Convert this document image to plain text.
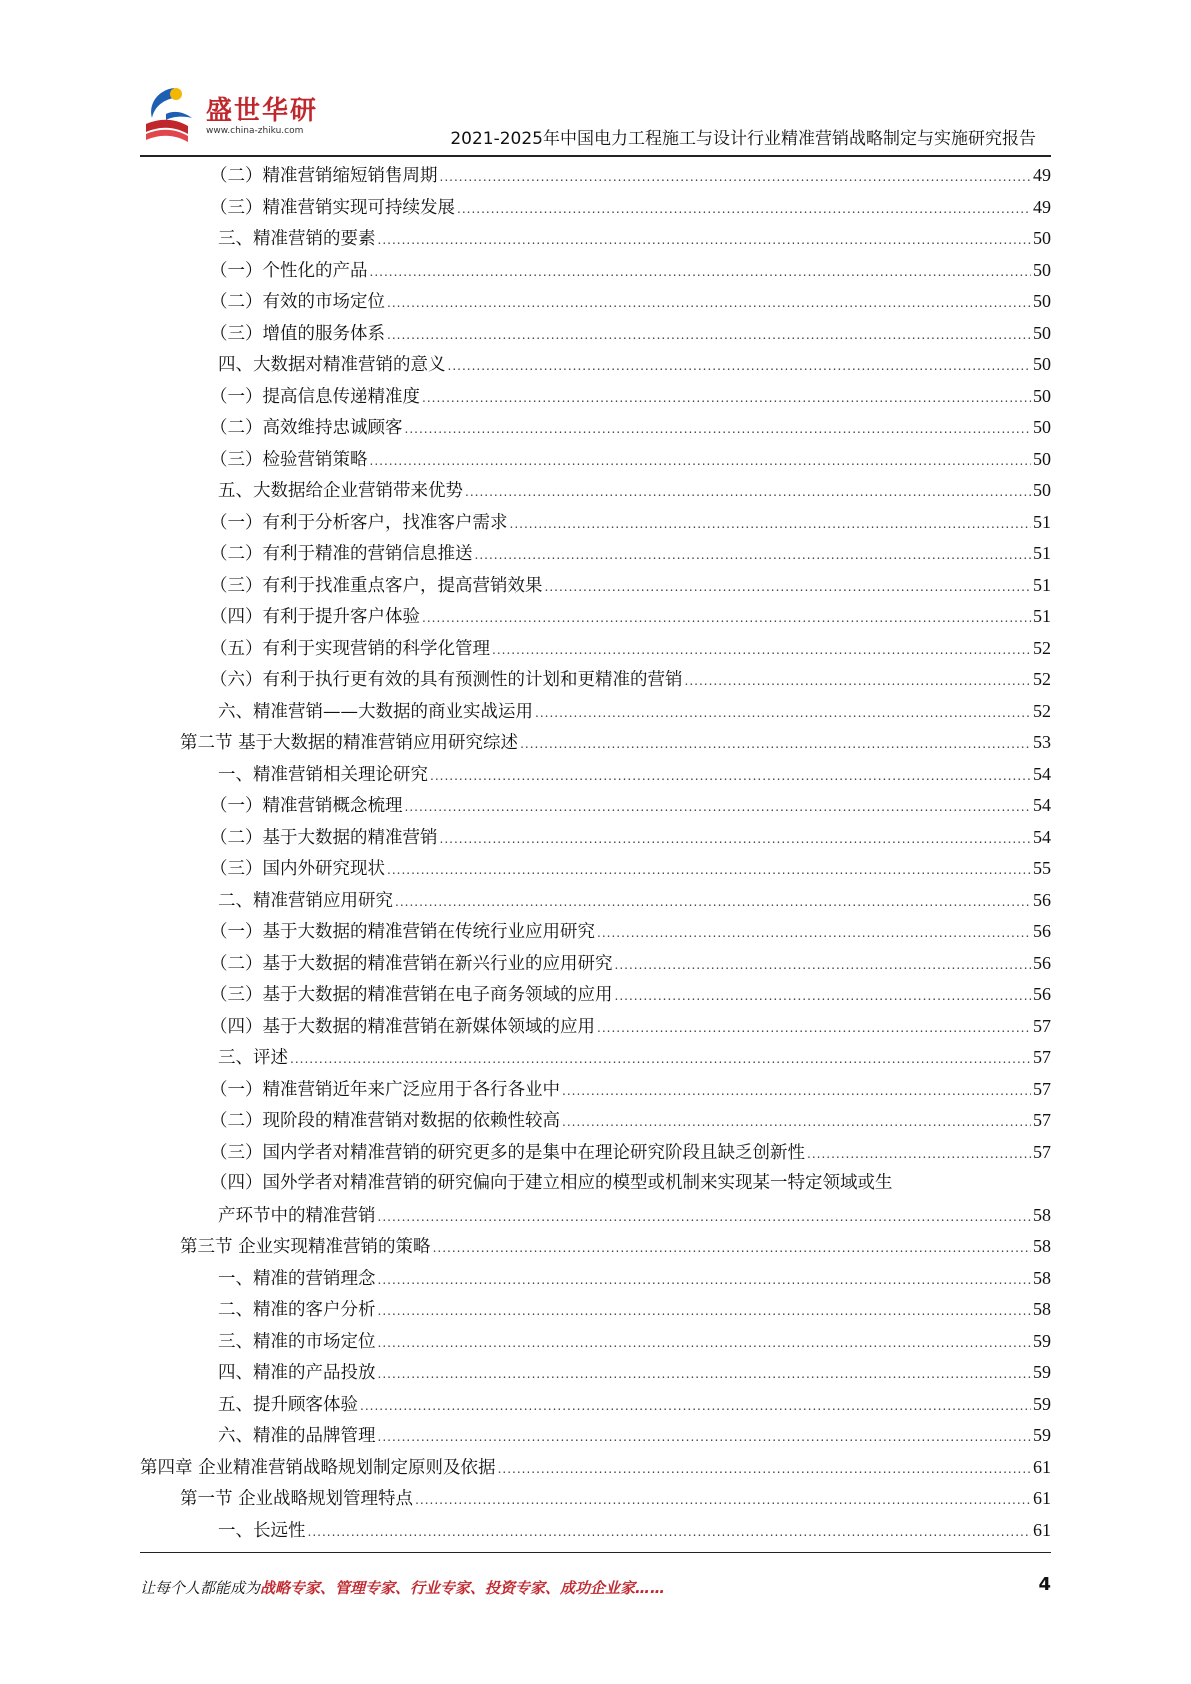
盛世华研
www.china-zhiku.com	2021-2025年中国电力工程施工与设计行业精准营销战略制定与实施研究报告
（二）精准营销缩短销售周期 .....	49
（三）精准营销实现可持续发展 .....	49
三、精准营销的要素 .....	50
（一）个性化的产品 .....	50
（二）有效的市场定位 .....	50
（三）增值的服务体系 .....	50
四、大数据对精准营销的意义 .....	50
（一）提高信息传递精准度 .....	50
（二）高效维持忠诚顾客 .....	50
（三）检验营销策略 .....	50
五、大数据给企业营销带来优势 .....	50
（一）有利于分析客户，找准客户需求 .....	51
（二）有利于精准的营销信息推送 .....	51
（三）有利于找准重点客户，提高营销效果 .....	51
（四）有利于提升客户体验 .....	51
（五）有利于实现营销的科学化管理 .....	52
（六）有利于执行更有效的具有预测性的计划和更精准的营销 .....	52
六、精准营销——大数据的商业实战运用 .....	52
第二节 基于大数据的精准营销应用研究综述 .....	53
一、精准营销相关理论研究 .....	54
（一）精准营销概念梳理 .....	54
（二）基于大数据的精准营销 .....	54
（三）国内外研究现状 .....	55
二、精准营销应用研究 .....	56
（一）基于大数据的精准营销在传统行业应用研究 .....	56
（二）基于大数据的精准营销在新兴行业的应用研究 .....	56
（三）基于大数据的精准营销在电子商务领域的应用 .....	56
（四）基于大数据的精准营销在新媒体领域的应用 .....	57
三、评述 .....	57
（一）精准营销近年来广泛应用于各行各业中 .....	57
（二）现阶段的精准营销对数据的依赖性较高 .....	57
（三）国内学者对精准营销的研究更多的是集中在理论研究阶段且缺乏创新性 .....	57
（四）国外学者对精准营销的研究偏向于建立相应的模型或机制来实现某一特定领域或生
产环节中的精准营销 .....	58
第三节 企业实现精准营销的策略 .....	58
一、精准的营销理念 .....	58
二、精准的客户分析 .....	58
三、精准的市场定位 .....	59
四、精准的产品投放 .....	59
五、提升顾客体验 .....	59
六、精准的品牌管理 .....	59
第四章 企业精准营销战略规划制定原则及依据 .....	61
第一节 企业战略规划管理特点 .....	61
一、长远性 .....	61
让每个人都能成为战略专家、管理专家、行业专家、投资专家、成功企业家……	4
